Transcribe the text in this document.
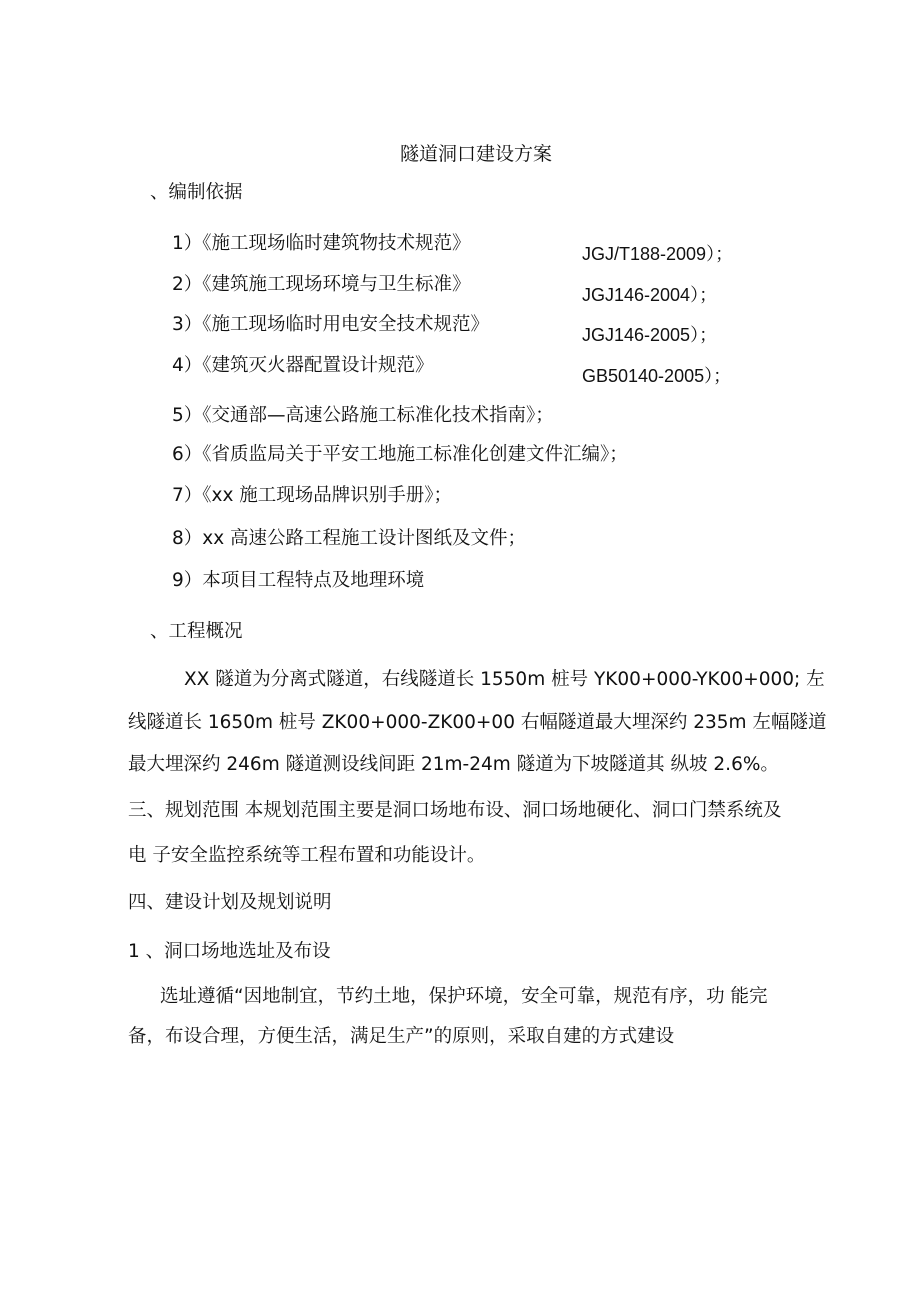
隧道洞口建设方案
、编制依据
1）《施工现场临时建筑物技术规范》	JGJ/T188-2009）；
2）《建筑施工现场环境与卫生标准》	JGJ146-2004）；
3）《施工现场临时用电安全技术规范》	JGJ146-2005）；
4）《建筑灭火器配置设计规范》	GB50140-2005）；
5）《交通部—高速公路施工标准化技术指南》；
6）《省质监局关于平安工地施工标准化创建文件汇编》；
7）《xx 施工现场品牌识别手册》；
8）xx 高速公路工程施工设计图纸及文件；
9）本项目工程特点及地理环境
、工程概况
XX 隧道为分离式隧道，右线隧道长 1550m 桩号 YK00+000-YK00+000; 左
线隧道长 1650m 桩号 ZK00+000-ZK00+00 右幅隧道最大埋深约 235m 左幅隧道
最大埋深约 246m 隧道测设线间距 21m-24m 隧道为下坡隧道其 纵坡 2.6%。
三、规划范围 本规划范围主要是洞口场地布设、洞口场地硬化、洞口门禁系统及
电 子安全监控系统等工程布置和功能设计。
四、建设计划及规划说明
1 、洞口场地选址及布设
选址遵循“因地制宜，节约土地，保护环境，安全可靠，规范有序，功 能完
备，布设合理，方便生活，满足生产”的原则，采取自建的方式建设
